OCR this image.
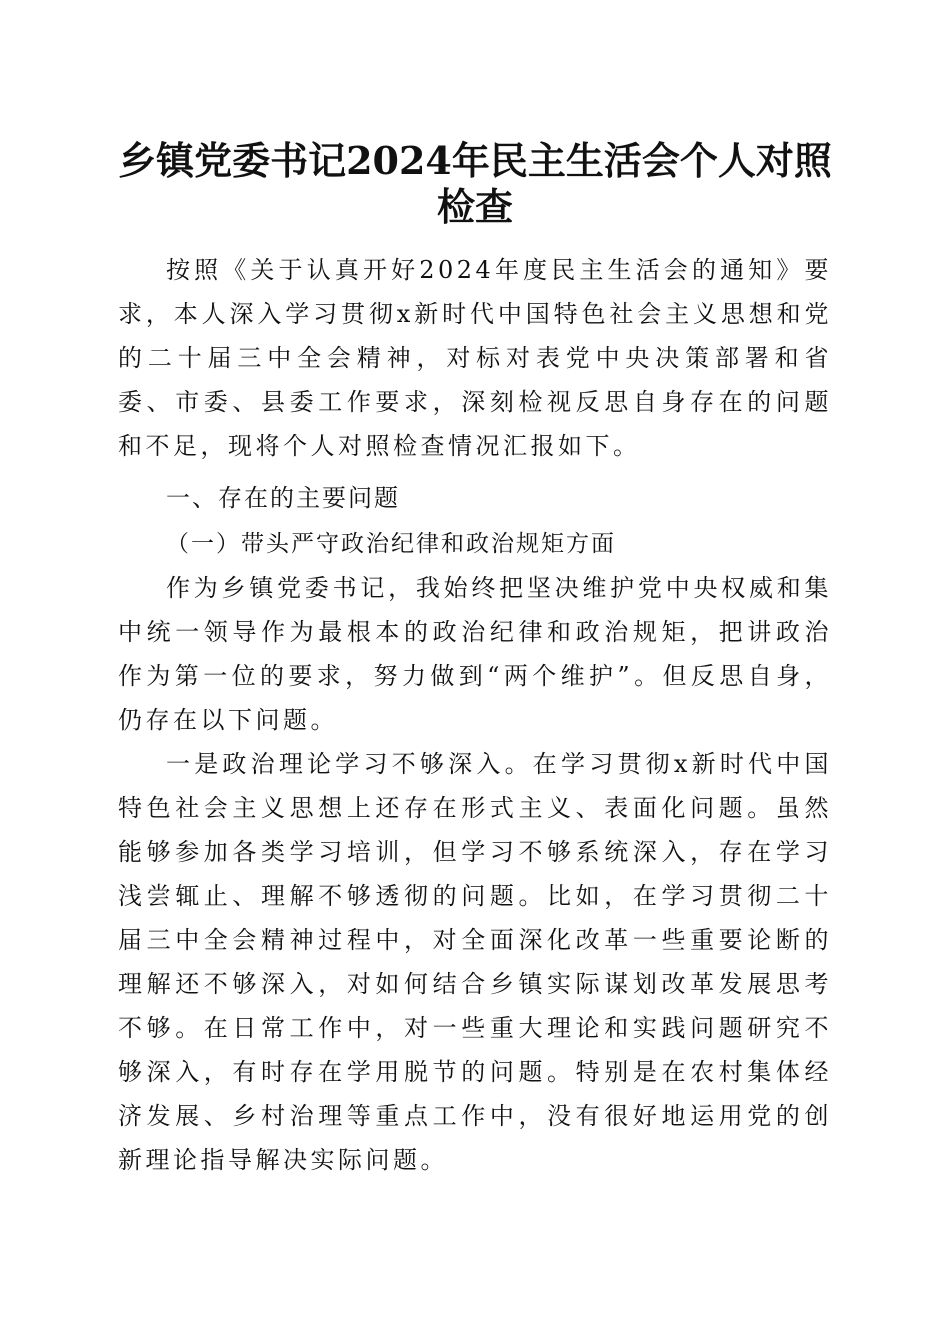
乡镇党委书记2024年民主生活会个人对照检查

按照《关于认真开好2024年度民主生活会的通知》要求，本人深入学习贯彻x新时代中国特色社会主义思想和党的二十届三中全会精神，对标对表党中央决策部署和省委、市委、县委工作要求，深刻检视反思自身存在的问题和不足，现将个人对照检查情况汇报如下。

一、存在的主要问题

（一）带头严守政治纪律和政治规矩方面

作为乡镇党委书记，我始终把坚决维护党中央权威和集中统一领导作为最根本的政治纪律和政治规矩，把讲政治作为第一位的要求，努力做到“两个维护”。但反思自身，仍存在以下问题。

一是政治理论学习不够深入。在学习贯彻x新时代中国特色社会主义思想上还存在形式主义、表面化问题。虽然能够参加各类学习培训，但学习不够系统深入，存在学习浅尝辄止、理解不够透彻的问题。比如，在学习贯彻二十届三中全会精神过程中，对全面深化改革一些重要论断的理解还不够深入，对如何结合乡镇实际谋划改革发展思考不够。在日常工作中，对一些重大理论和实践问题研究不够深入，有时存在学用脱节的问题。特别是在农村集体经济发展、乡村治理等重点工作中，没有很好地运用党的创新理论指导解决实际问题。
